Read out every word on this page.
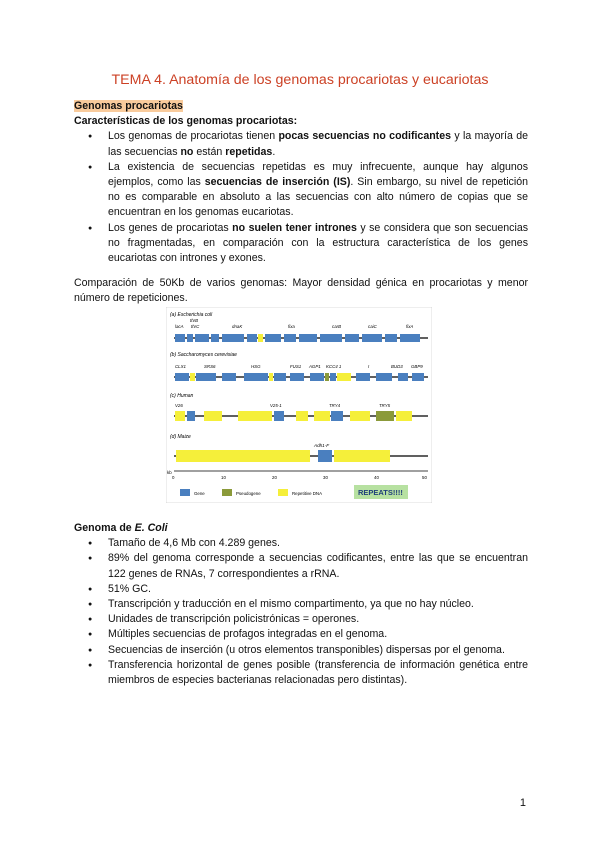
TEMA 4. Anatomía de los genomas procariotas y eucariotas
Genomas procariotas

Características de los genomas procariotas:

● Los genomas de procariotas tienen pocas secuencias no codificantes y la mayoría de las secuencias no están repetidas.
● La existencia de secuencias repetidas es muy infrecuente, aunque hay algunos ejemplos, como las secuencias de inserción (IS). Sin embargo, su nivel de repetición no es comparable en absoluto a las secuencias con alto número de copias que se encuentran en los genomas eucariotas.
● Los genes de procariotas no suelen tener intrones y se considera que son secuencias no fragmentadas, en comparación con la estructura característica de los genes eucariotas con intrones y exones.

Comparación de 50Kb de varios genomas: Mayor densidad génica en procariotas y menor número de repeticiones.

(a) Escherichia coli
(b) Saccharomyces cerevisiae
(c) Human
(d) Maize
lacA
thrB
thrC	dnaK	fixa	carB	caiC	fixA
CLX1	SRS6	HSG	FUS1 AGP1 KCC4 1	I	BUD3 GBP9
V26	V25-1	TRY4	TRY5
Adh1-F
kb
0	10	20	30	40	50
Gene	Pseudogene	Repetitive DNA	REPEATS!!!!

Genoma de E. Coli

● Tamaño de 4,6 Mb con 4.289 genes.
● 89% del genoma corresponde a secuencias codificantes, entre las que se encuentran 122 genes de RNAs, 7 correspondientes a rRNA.
● 51% GC.
● Transcripción y traducción en el mismo compartimento, ya que no hay núcleo.
● Unidades de transcripción policistrónicas = operones.
● Múltiples secuencias de profagos integradas en el genoma.
● Secuencias de inserción (u otros elementos transponibles) dispersas por el genoma.
● Transferencia horizontal de genes posible (transferencia de información genética entre miembros de especies bacterianas relacionadas pero distintas).
1
